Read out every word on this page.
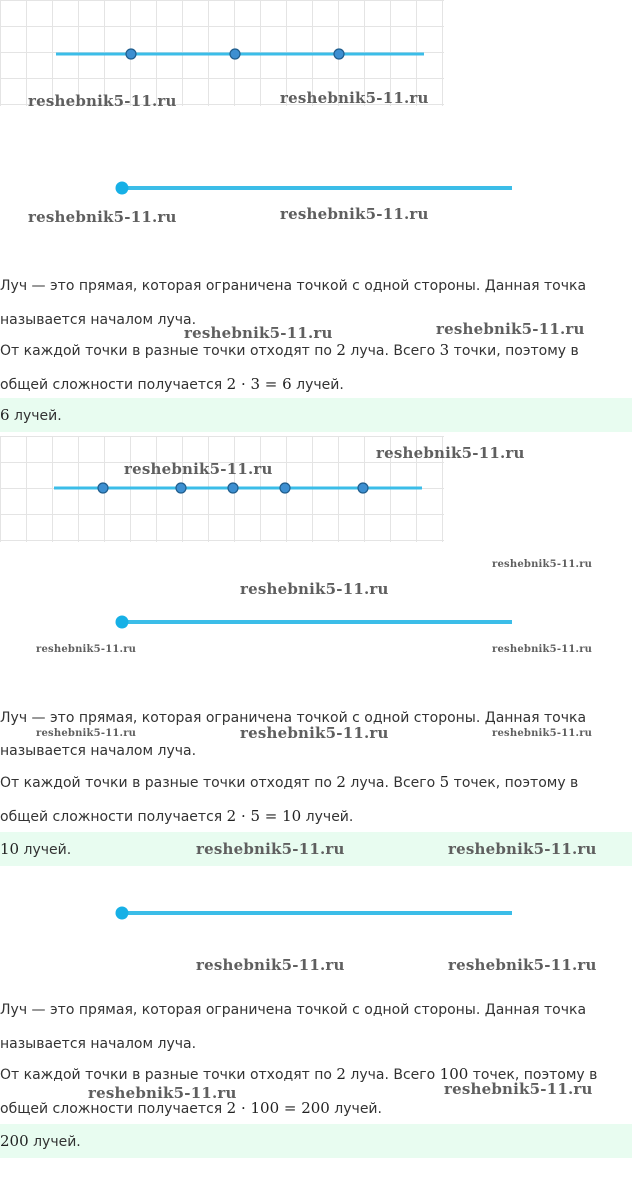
reshebnik5-11.ru	reshebnik5-11.ru
reshebnik5-11.ru	reshebnik5-11.ru
Луч — это прямая, которая ограничена точкой с одной стороны. Данная точка
называется началом луча.
reshebnik5-11.ru	reshebnik5-11.ru
От каждой точки в разные точки отходят по 2 луча. Всего 3 точки, поэтому в
общей сложности получается 2 · 3 = 6 лучей.
6 лучей.
reshebnik5-11.ru
reshebnik5-11.ru
reshebnik5-11.ru
reshebnik5-11.ru
reshebnik5-11.ru	reshebnik5-11.ru
Луч — это прямая, которая ограничена точкой с одной стороны. Данная точка
называется началом луча.
reshebnik5-11.ru	reshebnik5-11.ru	reshebnik5-11.ru
От каждой точки в разные точки отходят по 2 луча. Всего 5 точек, поэтому в
общей сложности получается 2 · 5 = 10 лучей.
10 лучей.	reshebnik5-11.ru	reshebnik5-11.ru
reshebnik5-11.ru	reshebnik5-11.ru
Луч — это прямая, которая ограничена точкой с одной стороны. Данная точка
называется началом луча.
От каждой точки в разные точки отходят по 2 луча. Всего 100 точек, поэтому в
reshebnik5-11.ru	reshebnik5-11.ru
общей сложности получается 2 · 100 = 200 лучей.
200 лучей.
